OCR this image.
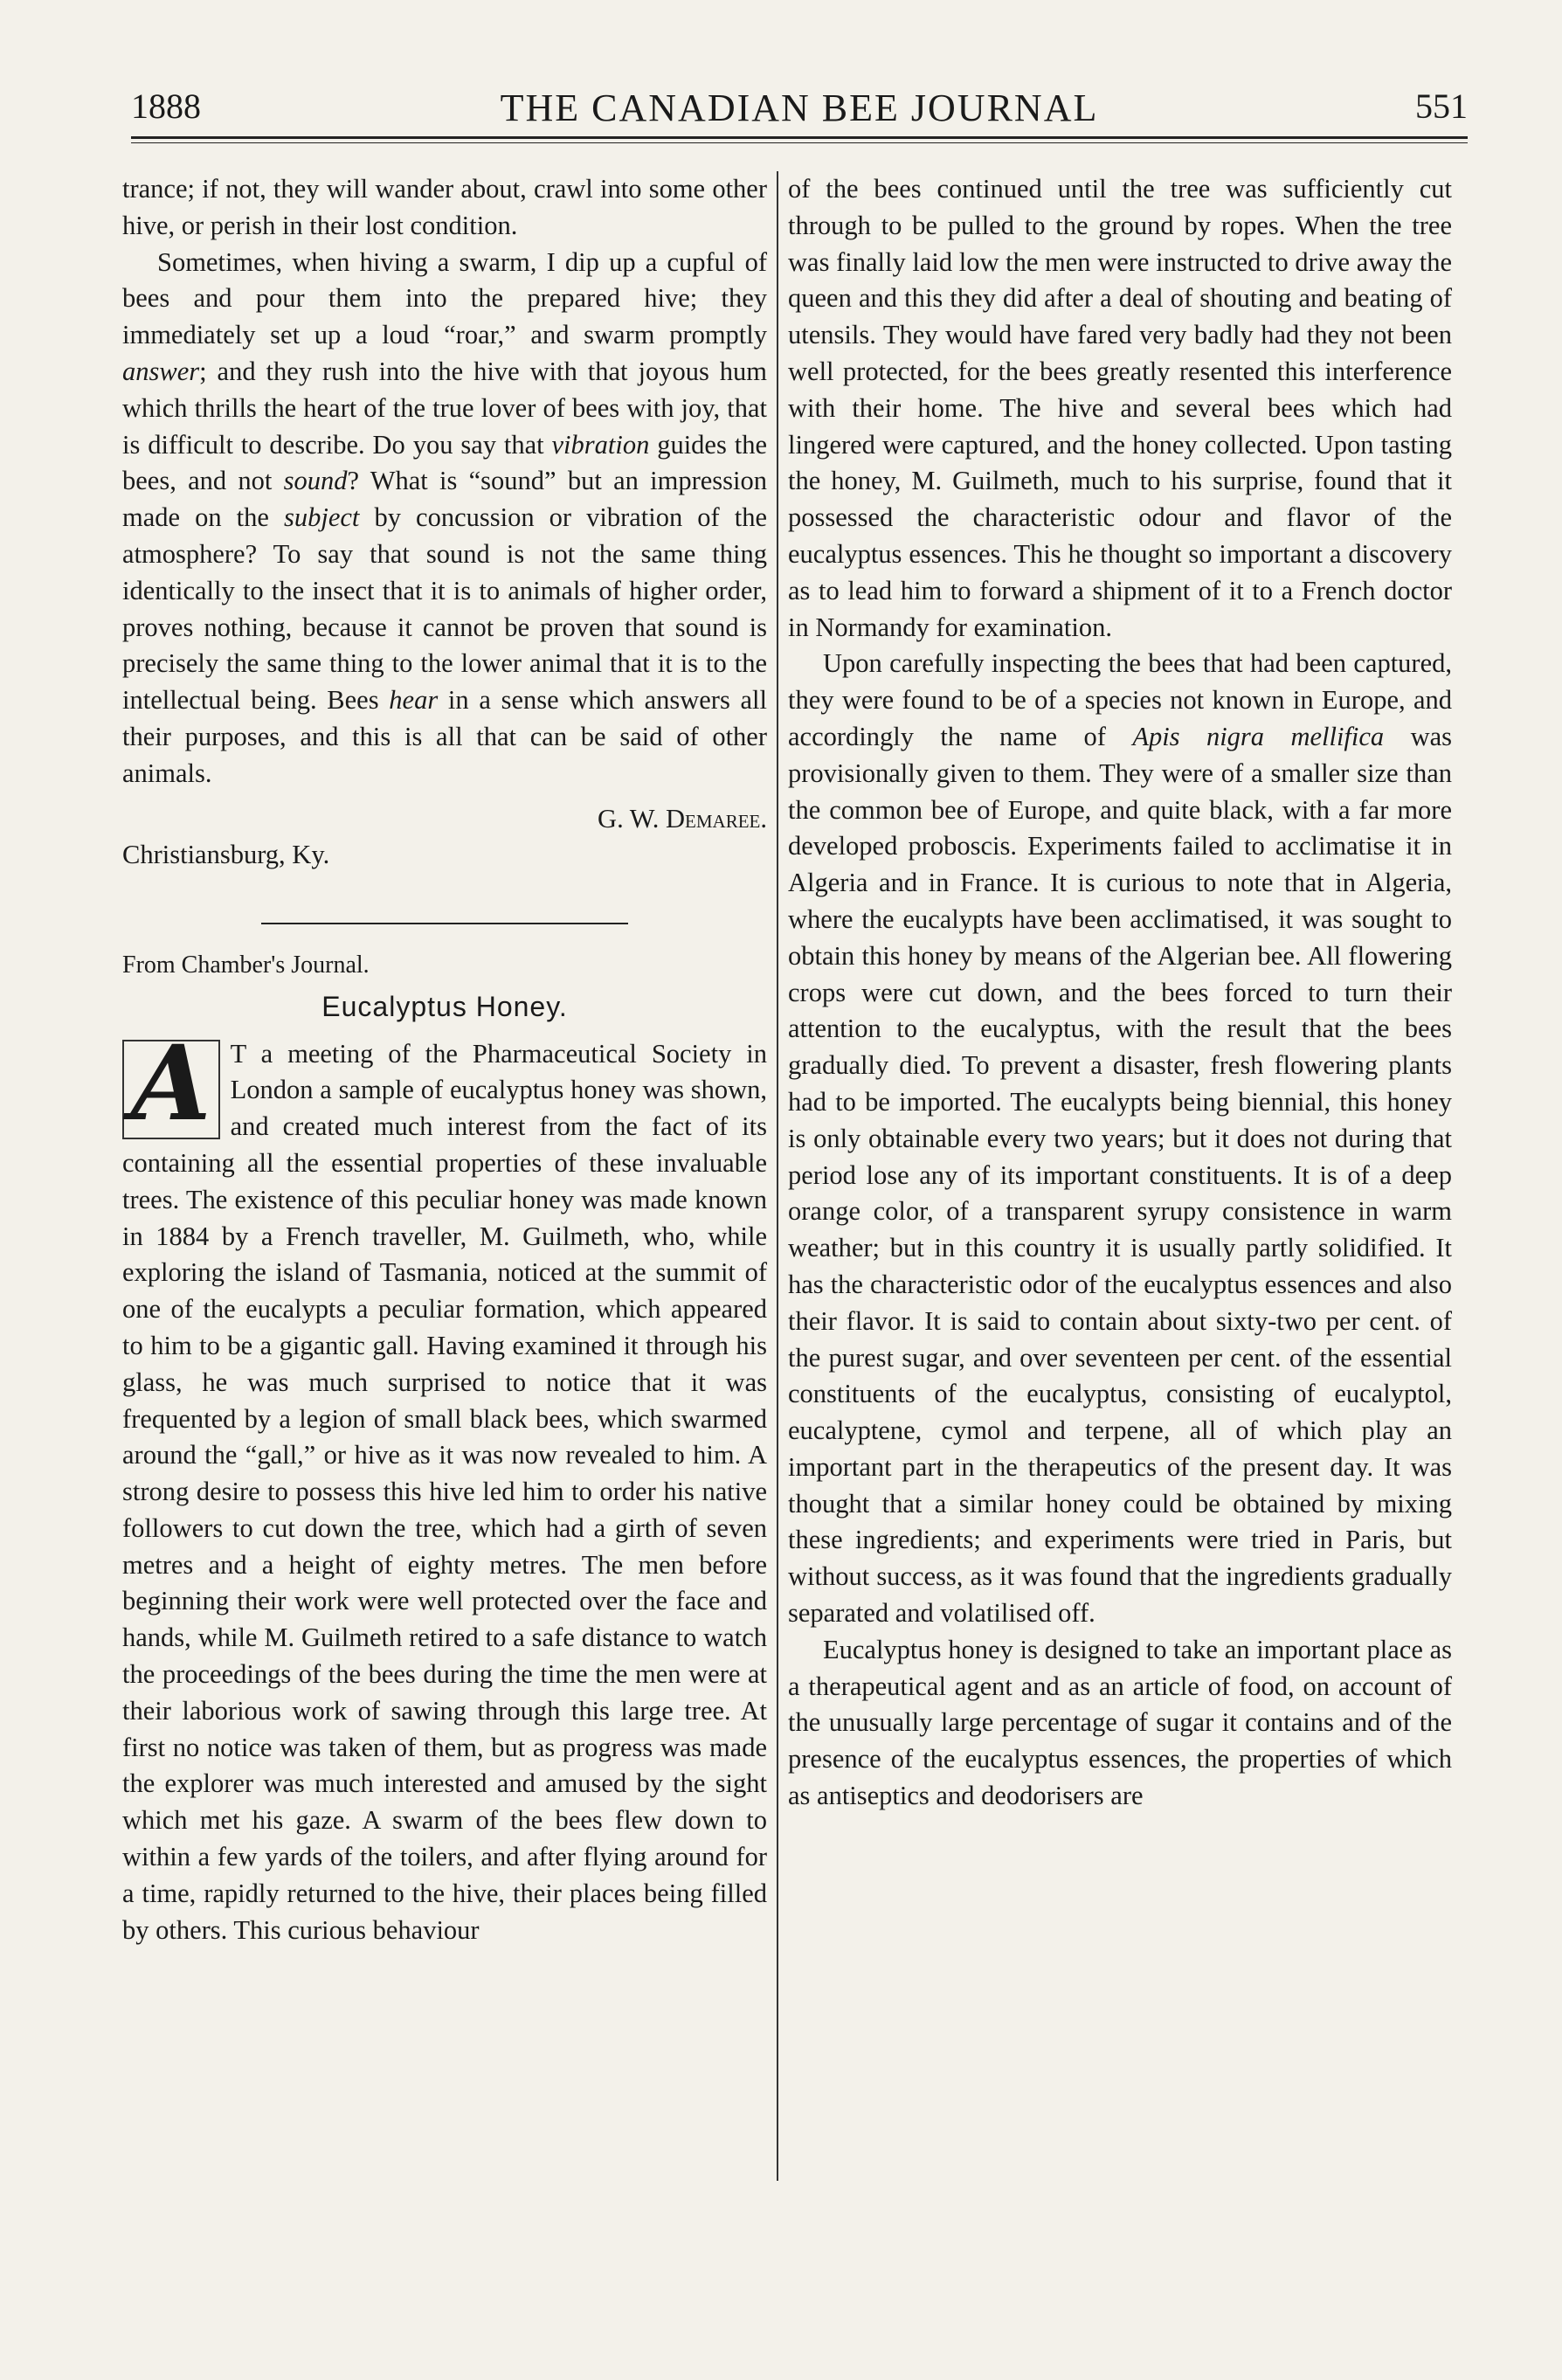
1888	THE CANADIAN BEE JOURNAL	551

trance; if not, they will wander about, crawl into some other hive, or perish in their lost condition.

Sometimes, when hiving a swarm, I dip up a cupful of bees and pour them into the prepared hive; they immediately set up a loud “roar,” and swarm promptly answer; and they rush into the hive with that joyous hum which thrills the heart of the true lover of bees with joy, that is difficult to describe. Do you say that vibration guides the bees, and not sound? What is “sound” but an impression made on the subject by concussion or vibration of the atmosphere? To say that sound is not the same thing identically to the insect that it is to animals of higher order, proves nothing, because it cannot be proven that sound is precisely the same thing to the lower animal that it is to the intellectual being. Bees hear in a sense which answers all their purposes, and this is all that can be said of other animals.

G. W. Demaree.

Christiansburg, Ky.

From Chamber's Journal.

Eucalyptus Honey.

A T a meeting of the Pharmaceutical Society in London a sample of eucalyptus honey was shown, and created much interest from the fact of its containing all the essential properties of these invaluable trees. The existence of this peculiar honey was made known in 1884 by a French traveller, M. Guilmeth, who, while exploring the island of Tasmania, noticed at the summit of one of the eucalypts a peculiar formation, which appeared to him to be a gigantic gall. Having examined it through his glass, he was much surprised to notice that it was frequented by a legion of small black bees, which swarmed around the “gall,” or hive as it was now revealed to him. A strong desire to possess this hive led him to order his native followers to cut down the tree, which had a girth of seven metres and a height of eighty metres. The men before beginning their work were well protected over the face and hands, while M. Guilmeth retired to a safe distance to watch the proceedings of the bees during the time the men were at their laborious work of sawing through this large tree. At first no notice was taken of them, but as progress was made the explorer was much interested and amused by the sight which met his gaze. A swarm of the bees flew down to within a few yards of the toilers, and after flying around for a time, rapidly returned to the hive, their places being filled by others. This curious behaviour

of the bees continued until the tree was sufficiently cut through to be pulled to the ground by ropes. When the tree was finally laid low the men were instructed to drive away the queen and this they did after a deal of shouting and beating of utensils. They would have fared very badly had they not been well protected, for the bees greatly resented this interference with their home. The hive and several bees which had lingered were captured, and the honey collected. Upon tasting the honey, M. Guilmeth, much to his surprise, found that it possessed the characteristic odour and flavor of the eucalyptus essences. This he thought so important a discovery as to lead him to forward a shipment of it to a French doctor in Normandy for examination.

Upon carefully inspecting the bees that had been captured, they were found to be of a species not known in Europe, and accordingly the name of Apis nigra mellifica was provisionally given to them. They were of a smaller size than the common bee of Europe, and quite black, with a far more developed proboscis. Experiments failed to acclimatise it in Algeria and in France. It is curious to note that in Algeria, where the eucalypts have been acclimatised, it was sought to obtain this honey by means of the Algerian bee. All flowering crops were cut down, and the bees forced to turn their attention to the eucalyptus, with the result that the bees gradually died. To prevent a disaster, fresh flowering plants had to be imported. The eucalypts being biennial, this honey is only obtainable every two years; but it does not during that period lose any of its important constituents. It is of a deep orange color, of a transparent syrupy consistence in warm weather; but in this country it is usually partly solidified. It has the characteristic odor of the eucalyptus essences and also their flavor. It is said to contain about sixty-two per cent. of the purest sugar, and over seventeen per cent. of the essential constituents of the eucalyptus, consisting of eucalyptol, eucalyptene, cymol and terpene, all of which play an important part in the therapeutics of the present day. It was thought that a similar honey could be obtained by mixing these ingredients; and experiments were tried in Paris, but without success, as it was found that the ingredients gradually separated and volatilised off.

Eucalyptus honey is designed to take an important place as a therapeutical agent and as an article of food, on account of the unusually large percentage of sugar it contains and of the presence of the eucalyptus essences, the properties of which as antiseptics and deodorisers are
